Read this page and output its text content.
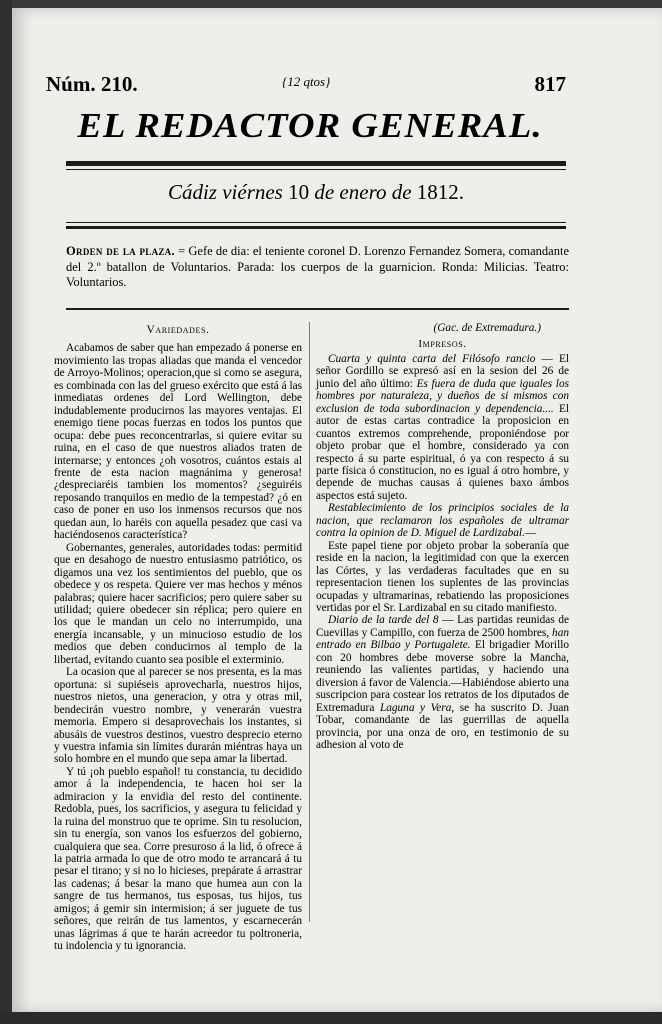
Núm. 210.	{12 qtos}	817
EL REDACTOR GENERAL.
Cádiz viérnes 10 de enero de 1812.
Orden de la plaza. = Gefe de dia: el teniente coronel D. Lorenzo Fernandez Somera, comandante del 2.º batallon de Voluntarios. Parada: los cuerpos de la guarnicion. Ronda: Milicias. Teatro: Voluntarios.
Variedades.

Acabamos de saber que han empezado á ponerse en movimiento las tropas aliadas que manda el vencedor de Arroyo-Molinos; operacion,que si como se asegura, es combinada con las del grueso exército que está á las inmediatas ordenes del Lord Wellington, debe indudablemente producirnos las mayores ventajas. El enemigo tiene pocas fuerzas en todos los puntos que ocupa: debe pues reconcentrarlas, si quiere evitar su ruina, en el caso de que nuestros aliados traten de internarse; y entonces ¿oh vosotros, cuántos estais al frente de esta nacion magnánima y generosa! ¿despreciaréis tambien los momentos? ¿seguiréis reposando tranquilos en medio de la tempestad? ¿ó en caso de poner en uso los inmensos recursos que nos quedan aun, lo haréis con aquella pesadez que casi va haciéndosenos característica?

Gobernantes, generales, autoridades todas: permitid que en desahogo de nuestro entusiasmo patriótico, os digamos una vez los sentimientos del pueblo, que os obedece y os respeta. Quiere ver mas hechos y ménos palabras; quiere hacer sacrificios; pero quiere saber su utilidad; quiere obedecer sin réplica; pero quiere en los que le mandan un celo no interrumpido, una energía incansable, y un minucioso estudio de los medios que deben conducirnos al templo de la libertad, evitando cuanto sea posible el exterminio.

La ocasion que al parecer se nos presenta, es la mas oportuna: si supiéseis aprovecharla, nuestros hijos, nuestros nietos, una generacion, y otra y otras mil, bendecirán vuestro nombre, y venerarán vuestra memoria. Empero si desaprovechais los instantes, si abusáis de vuestros destinos, vuestro desprecio eterno y vuestra infamia sin límites durarán miéntras haya un solo hombre en el mundo que sepa amar la libertad.

Y tú ¡oh pueblo español! tu constancia, tu decidido amor á la independencia, te hacen hoi ser la admiracion y la envidia del resto del continente. Redobla, pues, los sacrificios, y asegura tu felicidad y la ruina del monstruo que te oprime. Sin tu resolucion, sin tu energía, son vanos los esfuerzos del gobierno, cualquiera que sea. Corre presuroso á la lid, ó ofrece á la patria armada lo que de otro modo te arrancará á tu pesar el tirano; y si no lo hicieses, prepárate á arrastrar las cadenas; á besar la mano que humea aun con la sangre de tus hermanos, tus esposas, tus hijos, tus amigos; á gemir sin intermision; á ser juguete de tus señores, que reirán de tus lamentos, y escarnecerán unas lágrimas á que te harán acreedor tu poltroneria, tu indolencia y tu ignorancia.

(Gac. de Extremadura.)

Impresos.

Cuarta y quinta carta del Filósofo rancio — El señor Gordillo se expresó así en la sesion del 26 de junio del año último: Es fuera de duda que iguales los hombres por naturaleza, y dueños de si mismos con exclusion de toda subordinacion y dependencia.... El autor de estas cartas contradice la proposicion en cuantos extremos comprehende, proponiéndose por objeto probar que el hombre, considerado ya con respecto á su parte espiritual, ó ya con respecto á su parte física ó constitucion, no es igual á otro hombre, y depende de muchas causas á quienes baxo ámbos aspectos está sujeto.

Restablecimiento de los principios sociales de la nacion, que reclamaron los españoles de ultramar contra la opinion de D. Miguel de Lardizabal.—

Este papel tiene por objeto probar la soberanía que reside en la nacion, la legitimidad con que la exercen las Córtes, y las verdaderas facultades que en su representacion tienen los suplentes de las provincias ocupadas y ultramarinas, rebatiendo las proposiciones vertidas por el Sr. Lardizabal en su citado manifiesto.

Diario de la tarde del 8 — Las partidas reunidas de Cuevillas y Campillo, con fuerza de 2500 hombres, han entrado en Bilbao y Portugalete. El brigadier Morillo con 20 hombres debe moverse sobre la Mancha, reuniendo las valientes partidas, y haciendo una diversion á favor de Valencia.—Habiéndose abierto una suscripcion para costear los retratos de los diputados de Extremadura Laguna y Vera, se ha suscrito D. Juan Tobar, comandante de las guerrillas de aquella provincia, por una onza de oro, en testimonio de su adhesion al voto de
